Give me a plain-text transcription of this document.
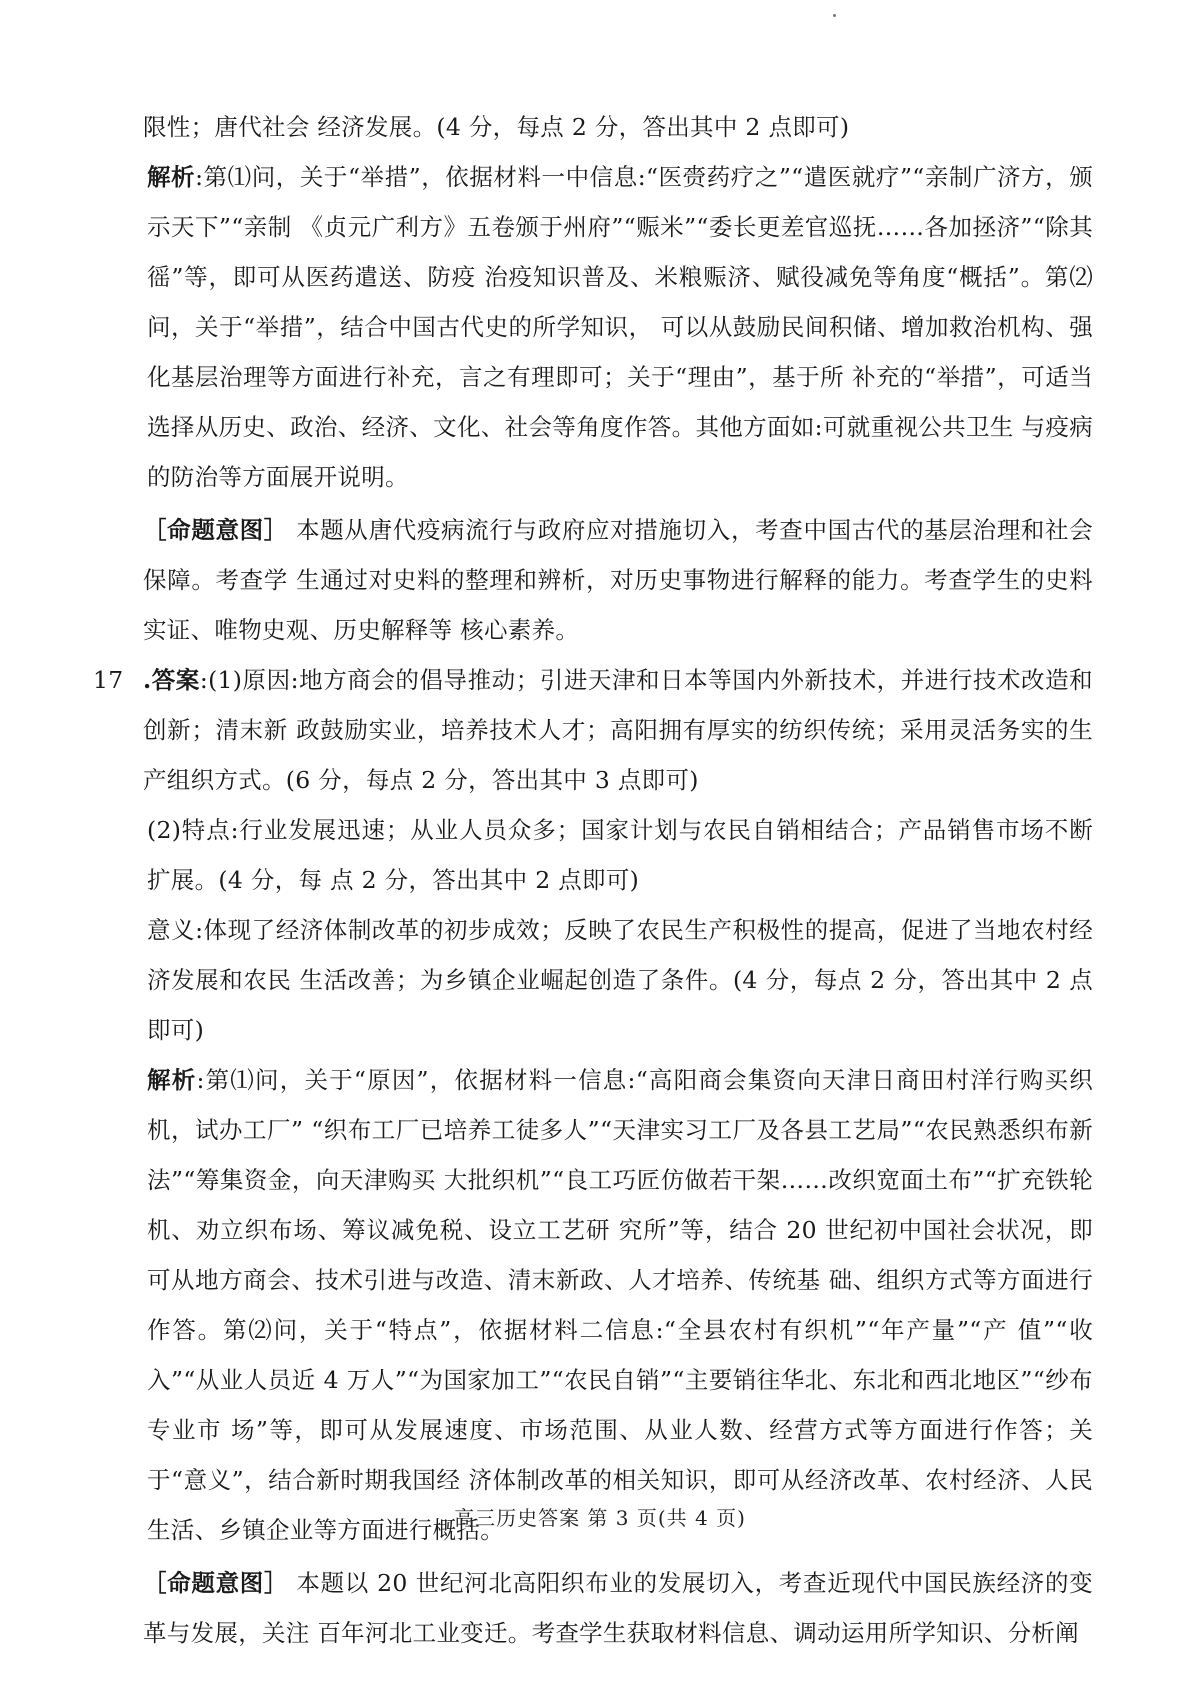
限性；唐代社会 经济发展。(4 分，每点 2 分，答出其中 2 点即可)

解析:第⑴问，关于“举措”，依据材料一中信息:“医赍药疗之”“遣医就疗”“亲制广济方，颁示天下”“亲制 《贞元广利方》五卷颁于州府”“赈米”“委长更差官巡抚……各加拯济”“除其徭”等，即可从医药遣送、防疫 治疫知识普及、米粮赈济、赋役减免等角度“概括”。第⑵问，关于“举措”，结合中国古代史的所学知识， 可以从鼓励民间积储、增加救治机构、强化基层治理等方面进行补充，言之有理即可；关于“理由”，基于所 补充的“举措”，可适当选择从历史、政治、经济、文化、社会等角度作答。其他方面如:可就重视公共卫生 与疫病的防治等方面展开说明。

［命题意图］ 本题从唐代疫病流行与政府应对措施切入，考查中国古代的基层治理和社会保障。考查学 生通过对史料的整理和辨析，对历史事物进行解释的能力。考查学生的史料实证、唯物史观、历史解释等 核心素养。

17 .答案:(1)原因:地方商会的倡导推动；引进天津和日本等国内外新技术，并进行技术改造和创新；清末新 政鼓励实业，培养技术人才；高阳拥有厚实的纺织传统；采用灵活务实的生产组织方式。(6 分，每点 2 分，答出其中 3 点即可)

(2)特点:行业发展迅速；从业人员众多；国家计划与农民自销相结合；产品销售市场不断扩展。(4 分，每 点 2 分，答出其中 2 点即可)

意义:体现了经济体制改革的初步成效；反映了农民生产积极性的提高，促进了当地农村经济发展和农民 生活改善；为乡镇企业崛起创造了条件。(4 分，每点 2 分，答出其中 2 点即可)

解析:第⑴问，关于“原因”，依据材料一信息:“高阳商会集资向天津日商田村洋行购买织机，试办工厂” “织布工厂已培养工徒多人”“天津实习工厂及各县工艺局”“农民熟悉织布新法”“筹集资金，向天津购买 大批织机”“良工巧匠仿做若干架……改织宽面土布”“扩充铁轮机、劝立织布场、筹议减免税、设立工艺研 究所”等，结合 20 世纪初中国社会状况，即可从地方商会、技术引进与改造、清末新政、人才培养、传统基 础、组织方式等方面进行作答。第⑵问，关于“特点”，依据材料二信息:“全县农村有织机”“年产量”“产 值”“收入”“从业人员近 4 万人”“为国家加工”“农民自销”“主要销往华北、东北和西北地区”“纱布专业市 场”等，即可从发展速度、市场范围、从业人数、经营方式等方面进行作答；关于“意义”，结合新时期我国经 济体制改革的相关知识，即可从经济改革、农村经济、人民生活、乡镇企业等方面进行概括。

［命题意图］ 本题以 20 世纪河北高阳织布业的发展切入，考查近现代中国民族经济的变革与发展，关注 百年河北工业变迁。考查学生获取材料信息、调动运用所学知识、分析阐

高三历史答案 第 3 页(共 4 页)
